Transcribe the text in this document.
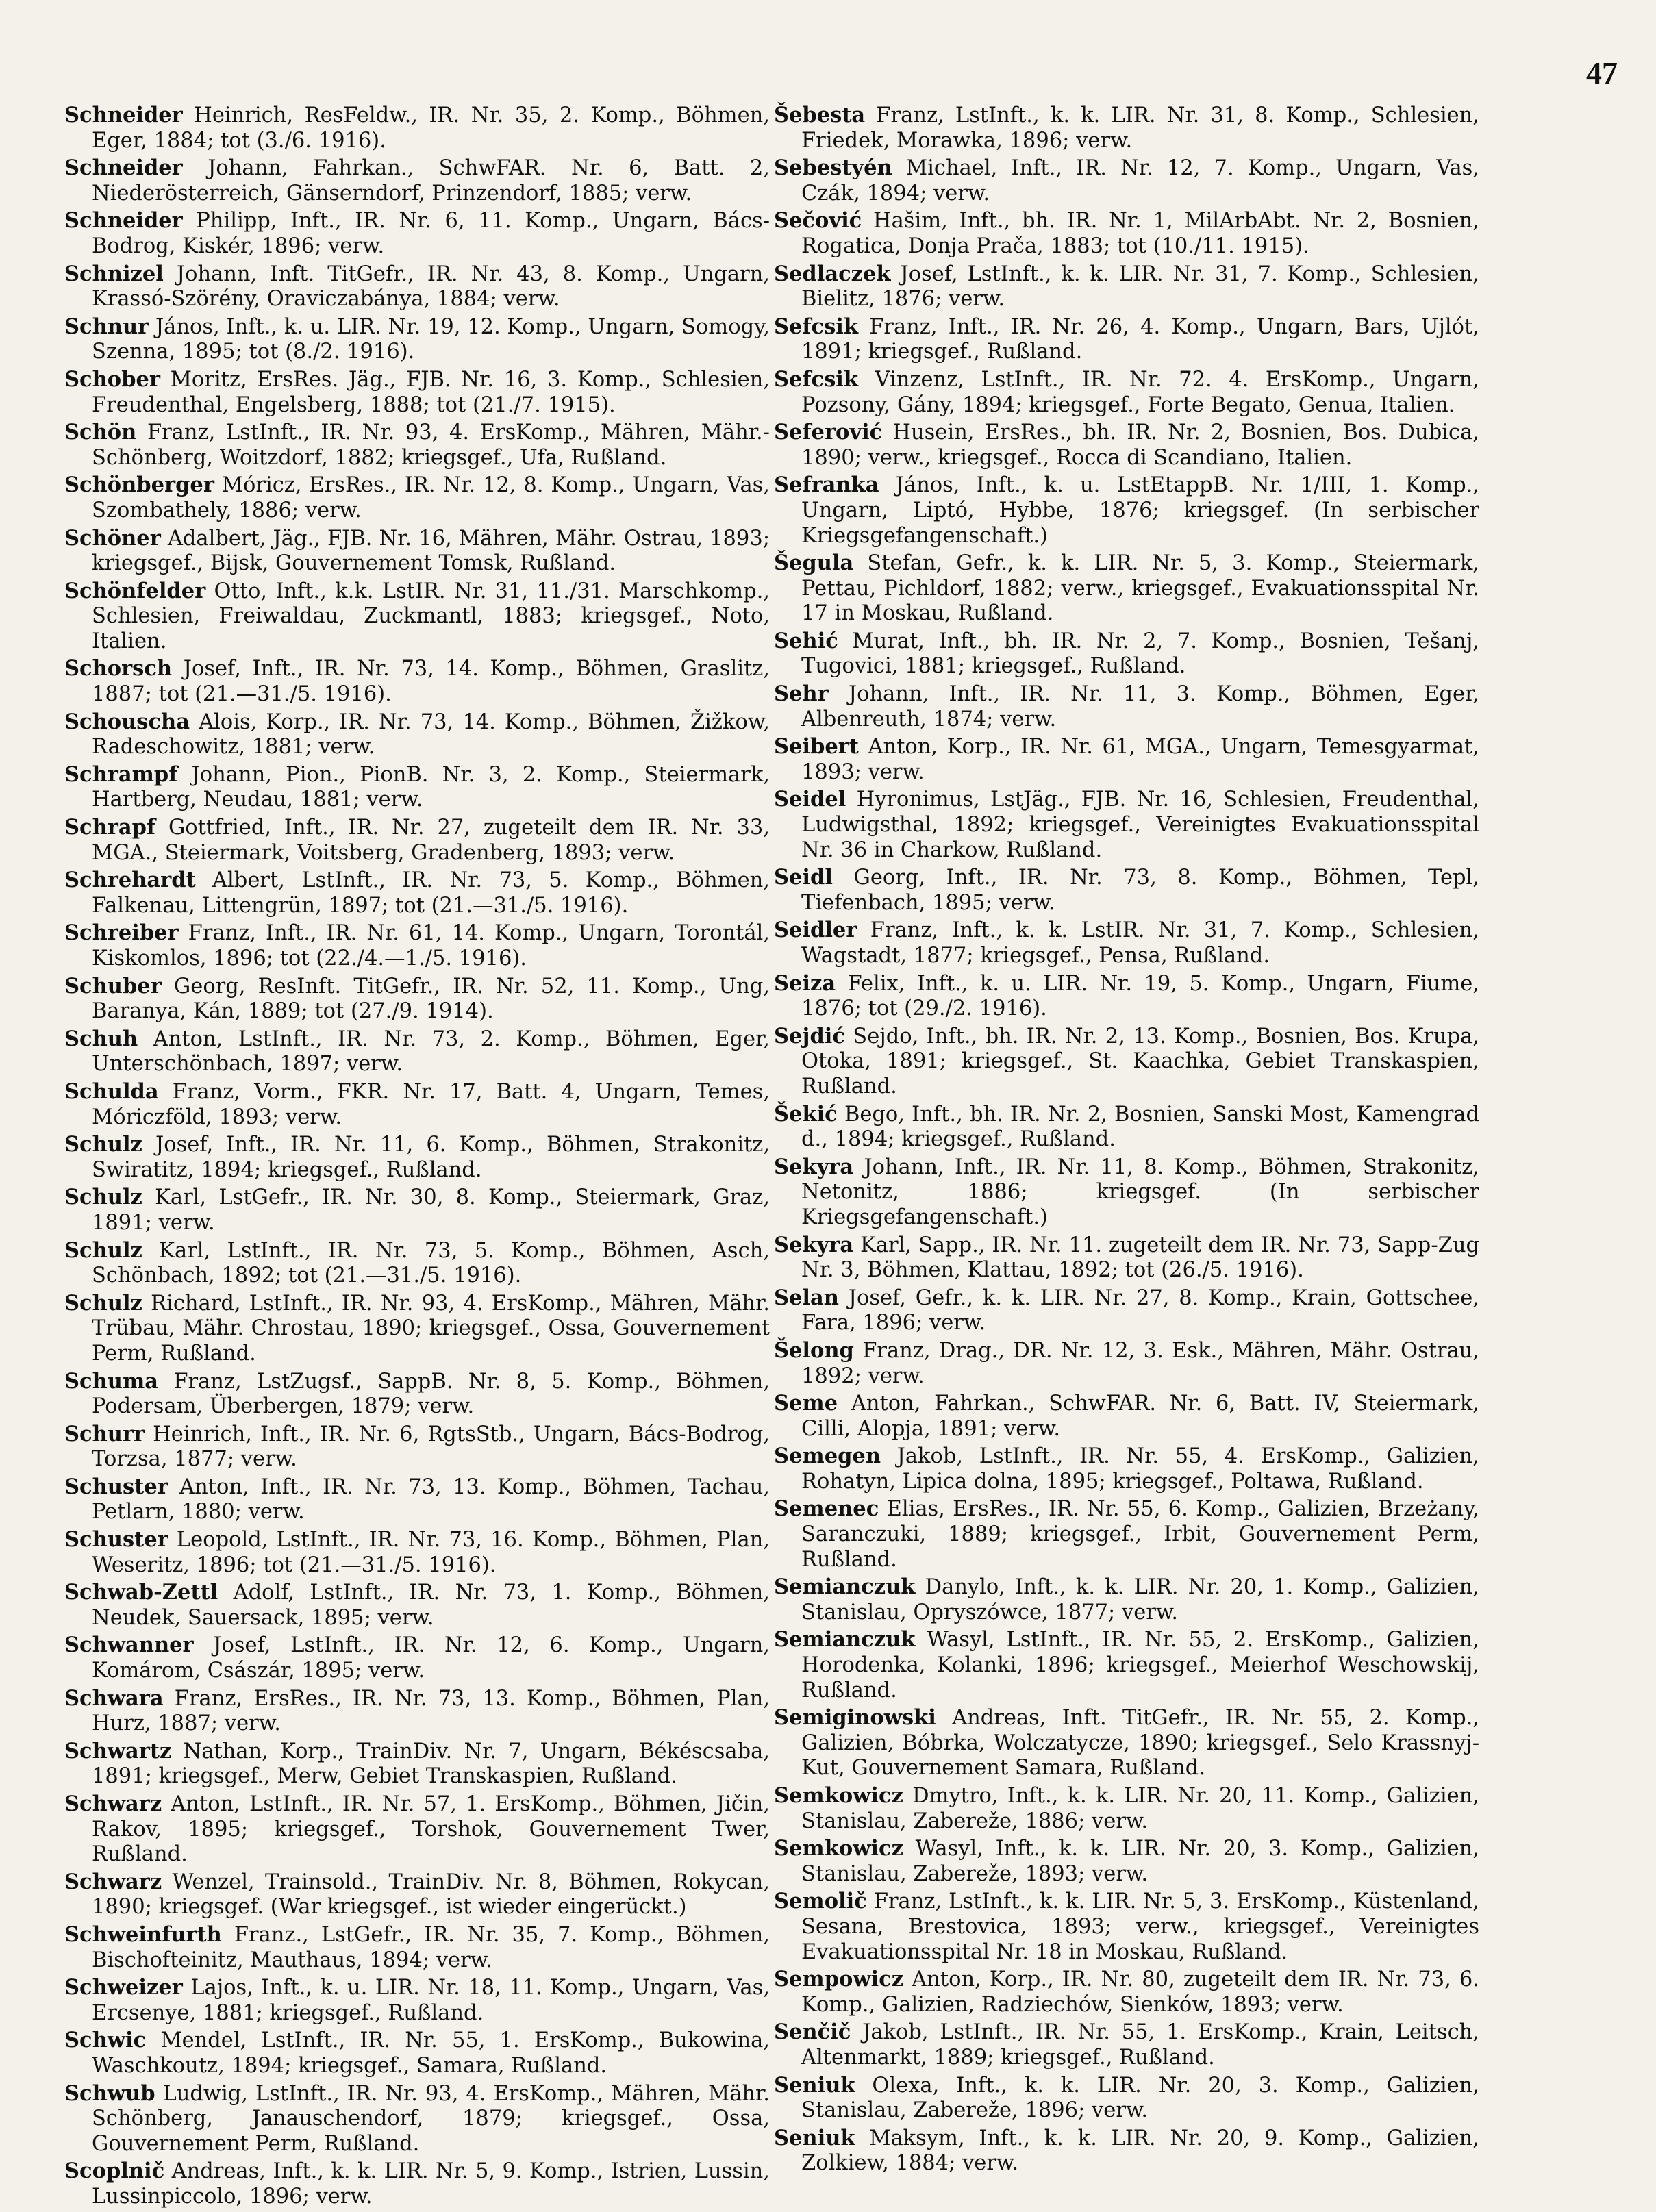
47
Schneider Heinrich, ResFeldw., IR. Nr. 35, 2. Komp., Böhmen, Eger, 1884; tot (3./6. 1916).
Schneider Johann, Fahrkan., SchwFAR. Nr. 6, Batt. 2, Niederösterreich, Gänserndorf, Prinzendorf, 1885; verw.
Schneider Philipp, Inft., IR. Nr. 6, 11. Komp., Ungarn, Bács-Bodrog, Kiskér, 1896; verw.
Schnizel Johann, Inft. TitGefr., IR. Nr. 43, 8. Komp., Ungarn, Krassó-Szörény, Oraviczabánya, 1884; verw.
Schnur János, Inft., k. u. LIR. Nr. 19, 12. Komp., Ungarn, Somogy, Szenna, 1895; tot (8./2. 1916).
Schober Moritz, ErsRes. Jäg., FJB. Nr. 16, 3. Komp., Schlesien, Freudenthal, Engelsberg, 1888; tot (21./7. 1915).
Schön Franz, LstInft., IR. Nr. 93, 4. ErsKomp., Mähren, Mähr.-Schönberg, Woitzdorf, 1882; kriegsgef., Ufa, Rußland.
Schönberger Móricz, ErsRes., IR. Nr. 12, 8. Komp., Ungarn, Vas, Szombathely, 1886; verw.
Schöner Adalbert, Jäg., FJB. Nr. 16, Mähren, Mähr. Ostrau, 1893; kriegsgef., Bijsk, Gouvernement Tomsk, Rußland.
Schönfelder Otto, Inft., k.k. LstIR. Nr. 31, 11./31. Marschkomp., Schlesien, Freiwaldau, Zuckmantl, 1883; kriegsgef., Noto, Italien.
Schorsch Josef, Inft., IR. Nr. 73, 14. Komp., Böhmen, Graslitz, 1887; tot (21.—31./5. 1916).
Schouscha Alois, Korp., IR. Nr. 73, 14. Komp., Böhmen, Žižkow, Radeschowitz, 1881; verw.
Schrampf Johann, Pion., PionB. Nr. 3, 2. Komp., Steiermark, Hartberg, Neudau, 1881; verw.
Schrapf Gottfried, Inft., IR. Nr. 27, zugeteilt dem IR. Nr. 33, MGA., Steiermark, Voitsberg, Gradenberg, 1893; verw.
Schrehardt Albert, LstInft., IR. Nr. 73, 5. Komp., Böhmen, Falkenau, Littengrün, 1897; tot (21.—31./5. 1916).
Schreiber Franz, Inft., IR. Nr. 61, 14. Komp., Ungarn, Torontál, Kiskomlos, 1896; tot (22./4.—1./5. 1916).
Schuber Georg, ResInft. TitGefr., IR. Nr. 52, 11. Komp., Ung, Baranya, Kán, 1889; tot (27./9. 1914).
Schuh Anton, LstInft., IR. Nr. 73, 2. Komp., Böhmen, Eger, Unterschönbach, 1897; verw.
Schulda Franz, Vorm., FKR. Nr. 17, Batt. 4, Ungarn, Temes, Móriczföld, 1893; verw.
Schulz Josef, Inft., IR. Nr. 11, 6. Komp., Böhmen, Strakonitz, Swiratitz, 1894; kriegsgef., Rußland.
Schulz Karl, LstGefr., IR. Nr. 30, 8. Komp., Steiermark, Graz, 1891; verw.
Schulz Karl, LstInft., IR. Nr. 73, 5. Komp., Böhmen, Asch, Schönbach, 1892; tot (21.—31./5. 1916).
Schulz Richard, LstInft., IR. Nr. 93, 4. ErsKomp., Mähren, Mähr. Trübau, Mähr. Chrostau, 1890; kriegsgef., Ossa, Gouvernement Perm, Rußland.
Schuma Franz, LstZugsf., SappB. Nr. 8, 5. Komp., Böhmen, Podersam, Überbergen, 1879; verw.
Schurr Heinrich, Inft., IR. Nr. 6, RgtsStb., Ungarn, Bács-Bodrog, Torzsa, 1877; verw.
Schuster Anton, Inft., IR. Nr. 73, 13. Komp., Böhmen, Tachau, Petlarn, 1880; verw.
Schuster Leopold, LstInft., IR. Nr. 73, 16. Komp., Böhmen, Plan, Weseritz, 1896; tot (21.—31./5. 1916).
Schwab-Zettl Adolf, LstInft., IR. Nr. 73, 1. Komp., Böhmen, Neudek, Sauersack, 1895; verw.
Schwanner Josef, LstInft., IR. Nr. 12, 6. Komp., Ungarn, Komárom, Császár, 1895; verw.
Schwara Franz, ErsRes., IR. Nr. 73, 13. Komp., Böhmen, Plan, Hurz, 1887; verw.
Schwartz Nathan, Korp., TrainDiv. Nr. 7, Ungarn, Békéscsaba, 1891; kriegsgef., Merw, Gebiet Transkaspien, Rußland.
Schwarz Anton, LstInft., IR. Nr. 57, 1. ErsKomp., Böhmen, Jičin, Rakov, 1895; kriegsgef., Torshok, Gouvernement Twer, Rußland.
Schwarz Wenzel, Trainsold., TrainDiv. Nr. 8, Böhmen, Rokycan, 1890; kriegsgef. (War kriegsgef., ist wieder eingerückt.)
Schweinfurth Franz., LstGefr., IR. Nr. 35, 7. Komp., Böhmen, Bischofteinitz, Mauthaus, 1894; verw.
Schweizer Lajos, Inft., k. u. LIR. Nr. 18, 11. Komp., Ungarn, Vas, Ercsenye, 1881; kriegsgef., Rußland.
Schwic Mendel, LstInft., IR. Nr. 55, 1. ErsKomp., Bukowina, Waschkoutz, 1894; kriegsgef., Samara, Rußland.
Schwub Ludwig, LstInft., IR. Nr. 93, 4. ErsKomp., Mähren, Mähr. Schönberg, Janauschendorf, 1879; kriegsgef., Ossa, Gouvernement Perm, Rußland.
Scoplnič Andreas, Inft., k. k. LIR. Nr. 5, 9. Komp., Istrien, Lussin, Lussinpiccolo, 1896; verw.
Šebesta Franz, LstInft., k. k. LIR. Nr. 31, 8. Komp., Schlesien, Friedek, Morawka, 1896; verw.
Sebestyén Michael, Inft., IR. Nr. 12, 7. Komp., Ungarn, Vas, Czák, 1894; verw.
Sečović Hašim, Inft., bh. IR. Nr. 1, MilArbAbt. Nr. 2, Bosnien, Rogatica, Donja Prača, 1883; tot (10./11. 1915).
Sedlaczek Josef, LstInft., k. k. LIR. Nr. 31, 7. Komp., Schlesien, Bielitz, 1876; verw.
Sefcsik Franz, Inft., IR. Nr. 26, 4. Komp., Ungarn, Bars, Ujlót, 1891; kriegsgef., Rußland.
Sefcsik Vinzenz, LstInft., IR. Nr. 72. 4. ErsKomp., Ungarn, Pozsony, Gány, 1894; kriegsgef., Forte Begato, Genua, Italien.
Seferović Husein, ErsRes., bh. IR. Nr. 2, Bosnien, Bos. Dubica, 1890; verw., kriegsgef., Rocca di Scandiano, Italien.
Sefranka János, Inft., k. u. LstEtappB. Nr. 1/III, 1. Komp., Ungarn, Liptó, Hybbe, 1876; kriegsgef. (In serbischer Kriegsgefangenschaft.)
Šegula Stefan, Gefr., k. k. LIR. Nr. 5, 3. Komp., Steiermark, Pettau, Pichldorf, 1882; verw., kriegsgef., Evakuationsspital Nr. 17 in Moskau, Rußland.
Sehić Murat, Inft., bh. IR. Nr. 2, 7. Komp., Bosnien, Tešanj, Tugovici, 1881; kriegsgef., Rußland.
Sehr Johann, Inft., IR. Nr. 11, 3. Komp., Böhmen, Eger, Albenreuth, 1874; verw.
Seibert Anton, Korp., IR. Nr. 61, MGA., Ungarn, Temesgyarmat, 1893; verw.
Seidel Hyronimus, LstJäg., FJB. Nr. 16, Schlesien, Freudenthal, Ludwigsthal, 1892; kriegsgef., Vereinigtes Evakuationsspital Nr. 36 in Charkow, Rußland.
Seidl Georg, Inft., IR. Nr. 73, 8. Komp., Böhmen, Tepl, Tiefenbach, 1895; verw.
Seidler Franz, Inft., k. k. LstIR. Nr. 31, 7. Komp., Schlesien, Wagstadt, 1877; kriegsgef., Pensa, Rußland.
Seiza Felix, Inft., k. u. LIR. Nr. 19, 5. Komp., Ungarn, Fiume, 1876; tot (29./2. 1916).
Sejdić Sejdo, Inft., bh. IR. Nr. 2, 13. Komp., Bosnien, Bos. Krupa, Otoka, 1891; kriegsgef., St. Kaachka, Gebiet Transkaspien, Rußland.
Šekić Bego, Inft., bh. IR. Nr. 2, Bosnien, Sanski Most, Kamengrad d., 1894; kriegsgef., Rußland.
Sekyra Johann, Inft., IR. Nr. 11, 8. Komp., Böhmen, Strakonitz, Netonitz, 1886; kriegsgef. (In serbischer Kriegsgefangenschaft.)
Sekyra Karl, Sapp., IR. Nr. 11. zugeteilt dem IR. Nr. 73, Sapp-Zug Nr. 3, Böhmen, Klattau, 1892; tot (26./5. 1916).
Selan Josef, Gefr., k. k. LIR. Nr. 27, 8. Komp., Krain, Gottschee, Fara, 1896; verw.
Šelong Franz, Drag., DR. Nr. 12, 3. Esk., Mähren, Mähr. Ostrau, 1892; verw.
Seme Anton, Fahrkan., SchwFAR. Nr. 6, Batt. IV, Steiermark, Cilli, Alopja, 1891; verw.
Semegen Jakob, LstInft., IR. Nr. 55, 4. ErsKomp., Galizien, Rohatyn, Lipica dolna, 1895; kriegsgef., Poltawa, Rußland.
Semenec Elias, ErsRes., IR. Nr. 55, 6. Komp., Galizien, Brzeżany, Saranczuki, 1889; kriegsgef., Irbit, Gouvernement Perm, Rußland.
Semianczuk Danylo, Inft., k. k. LIR. Nr. 20, 1. Komp., Galizien, Stanislau, Opryszówce, 1877; verw.
Semianczuk Wasyl, LstInft., IR. Nr. 55, 2. ErsKomp., Galizien, Horodenka, Kolanki, 1896; kriegsgef., Meierhof Weschowskij, Rußland.
Semiginowski Andreas, Inft. TitGefr., IR. Nr. 55, 2. Komp., Galizien, Bóbrka, Wolczatycze, 1890; kriegsgef., Selo Krassnyj-Kut, Gouvernement Samara, Rußland.
Semkowicz Dmytro, Inft., k. k. LIR. Nr. 20, 11. Komp., Galizien, Stanislau, Zabereže, 1886; verw.
Semkowicz Wasyl, Inft., k. k. LIR. Nr. 20, 3. Komp., Galizien, Stanislau, Zabereže, 1893; verw.
Semolič Franz, LstInft., k. k. LIR. Nr. 5, 3. ErsKomp., Küstenland, Sesana, Brestovica, 1893; verw., kriegsgef., Vereinigtes Evakuationsspital Nr. 18 in Moskau, Rußland.
Sempowicz Anton, Korp., IR. Nr. 80, zugeteilt dem IR. Nr. 73, 6. Komp., Galizien, Radziechów, Sienków, 1893; verw.
Senčič Jakob, LstInft., IR. Nr. 55, 1. ErsKomp., Krain, Leitsch, Altenmarkt, 1889; kriegsgef., Rußland.
Seniuk Olexa, Inft., k. k. LIR. Nr. 20, 3. Komp., Galizien, Stanislau, Zabereže, 1896; verw.
Seniuk Maksym, Inft., k. k. LIR. Nr. 20, 9. Komp., Galizien, Zolkiew, 1884; verw.
